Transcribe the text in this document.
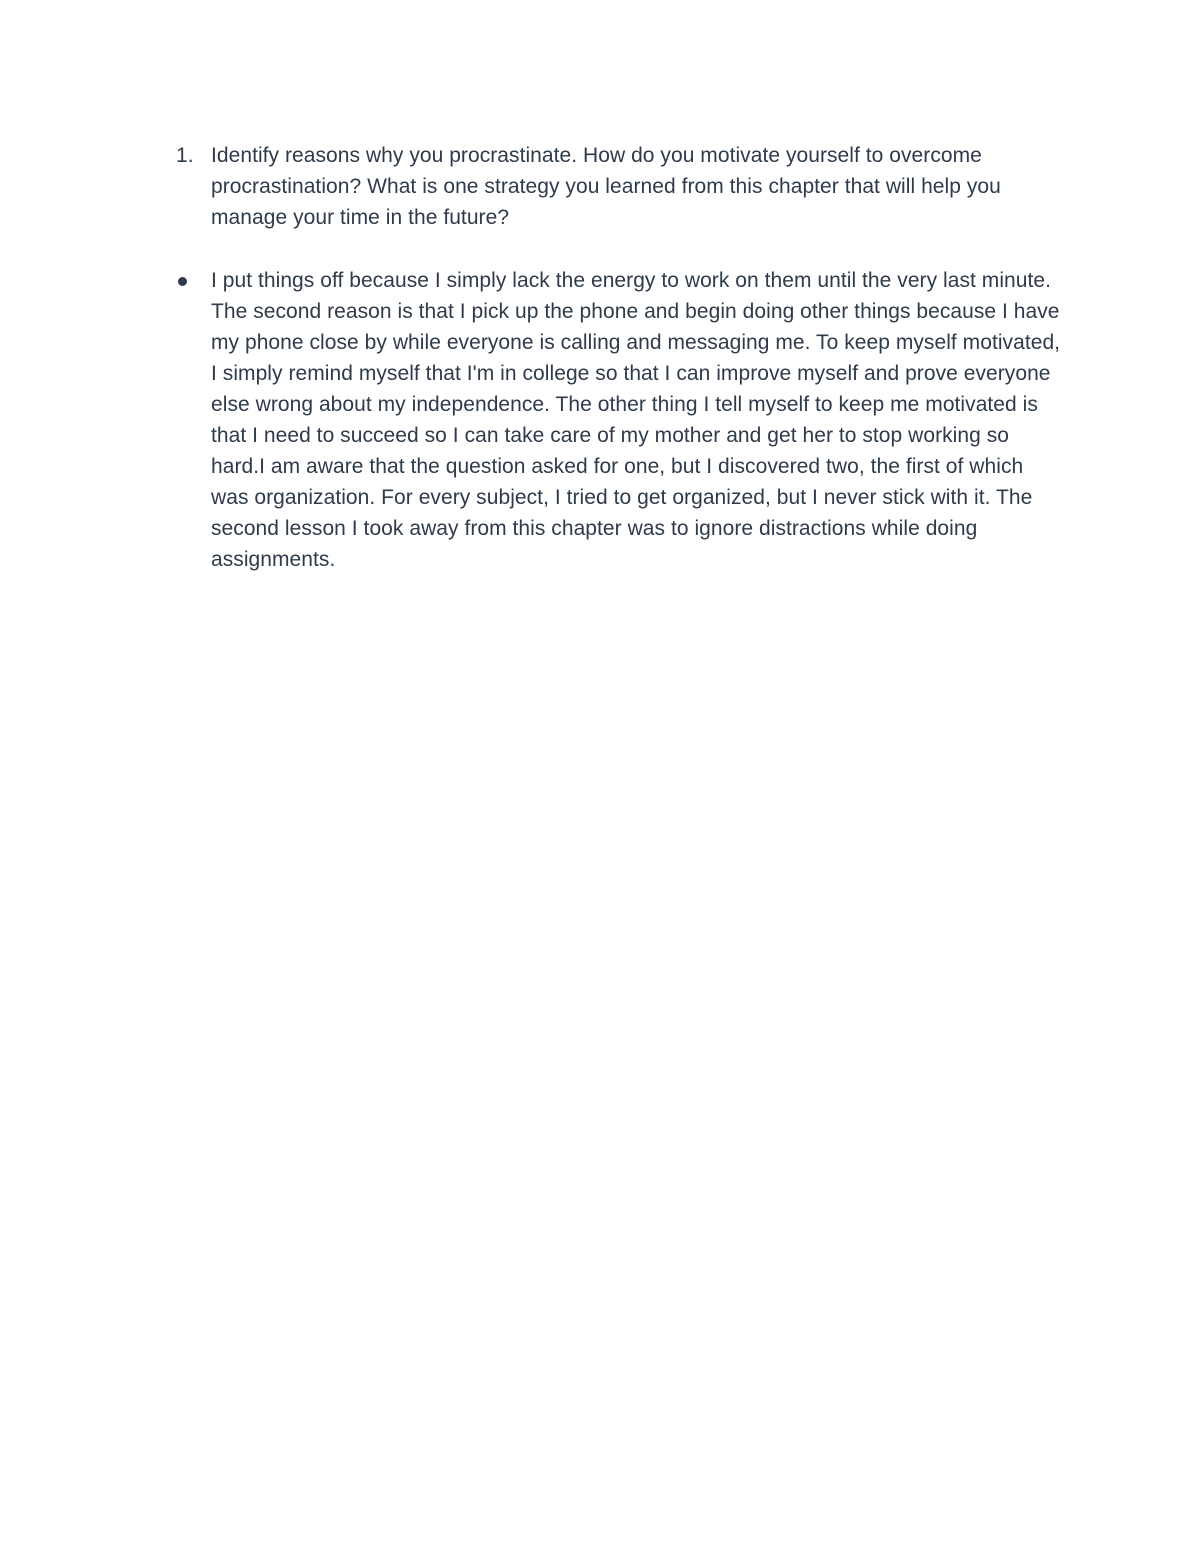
1. Identify reasons why you procrastinate. How do you motivate yourself to overcome procrastination? What is one strategy you learned from this chapter that will help you manage your time in the future?

I put things off because I simply lack the energy to work on them until the very last minute. The second reason is that I pick up the phone and begin doing other things because I have my phone close by while everyone is calling and messaging me. To keep myself motivated, I simply remind myself that I'm in college so that I can improve myself and prove everyone else wrong about my independence. The other thing I tell myself to keep me motivated is that I need to succeed so I can take care of my mother and get her to stop working so hard.I am aware that the question asked for one, but I discovered two, the first of which was organization. For every subject, I tried to get organized, but I never stick with it. The second lesson I took away from this chapter was to ignore distractions while doing assignments.
